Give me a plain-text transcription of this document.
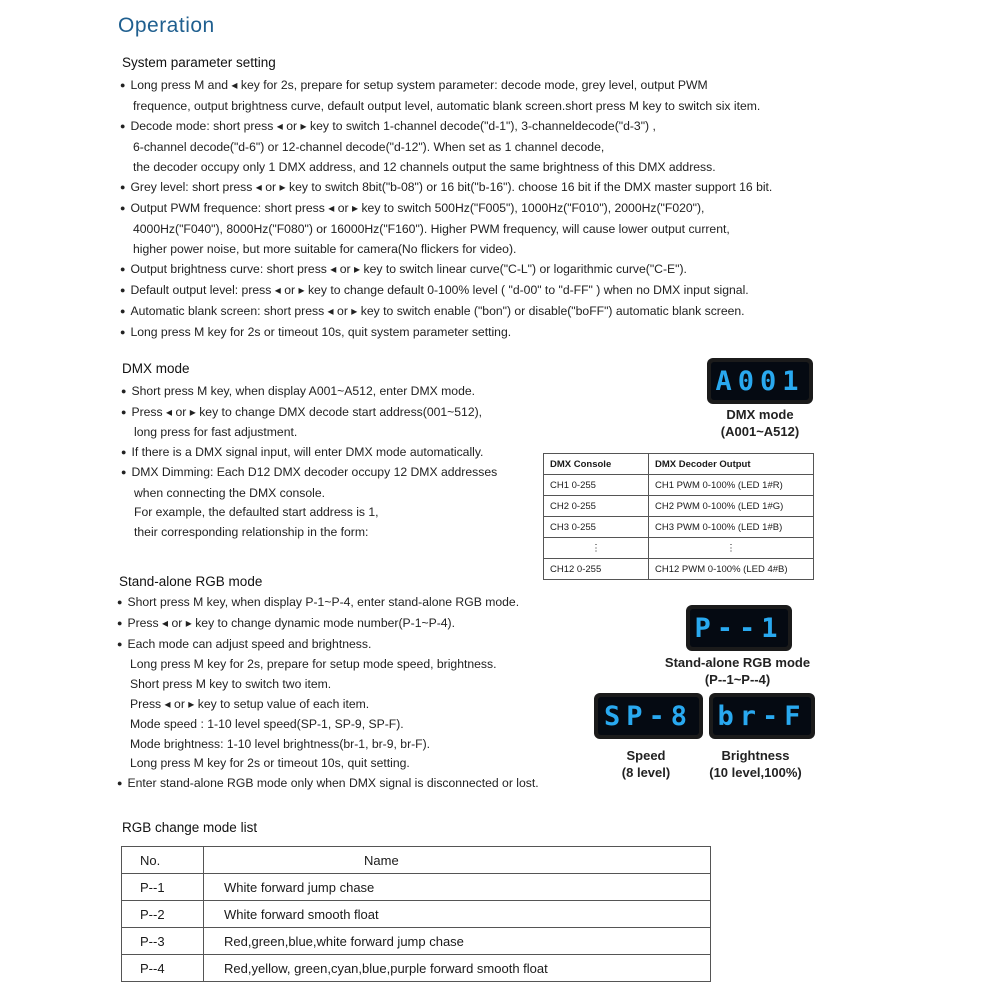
Operation
System parameter setting
● Long press M and ◂ key for 2s, prepare for setup system parameter: decode mode, grey level, output PWM
frequence, output brightness curve, default output level, automatic blank screen.short press M key to switch six item.
● Decode mode: short press ◂ or ▸ key to switch 1-channel decode("d-1"), 3-channeldecode("d-3") ,
6-channel decode("d-6") or 12-channel decode("d-12"). When set as 1 channel decode,
the decoder occupy only 1 DMX address, and 12 channels output the same brightness of this DMX address.
● Grey level: short press ◂ or ▸ key to switch 8bit("b-08") or 16 bit("b-16"). choose 16 bit if the DMX master support 16 bit.
● Output PWM frequence: short press ◂ or ▸ key to switch 500Hz("F005"), 1000Hz("F010"), 2000Hz("F020"),
4000Hz("F040"), 8000Hz("F080") or 16000Hz("F160"). Higher PWM frequency, will cause lower output current,
higher power noise, but more suitable for camera(No flickers for video).
● Output brightness curve: short press ◂ or ▸ key to switch linear curve("C-L") or logarithmic curve("C-E").
● Default output level: press ◂ or ▸ key to change default 0-100% level ( "d-00" to "d-FF" ) when no DMX input signal.
● Automatic blank screen: short press ◂ or ▸ key to switch enable ("bon") or disable("boFF") automatic blank screen.
● Long press M key for 2s or timeout 10s, quit system parameter setting.
DMX mode
● Short press M key, when display A001~A512, enter DMX mode.
● Press ◂ or ▸ key to change DMX decode start address(001~512),
long press for fast adjustment.
● If there is a DMX signal input, will enter DMX mode automatically.
● DMX Dimming: Each D12 DMX decoder occupy 12 DMX addresses
when connecting the DMX console.
For example, the defaulted start address is 1,
their corresponding relationship in the form:
A001
DMX mode
(A001~A512)
DMX Console	DMX Decoder Output
CH1 0-255	CH1 PWM 0-100% (LED 1#R)
CH2 0-255	CH2 PWM 0-100% (LED 1#G)
CH3 0-255	CH3 PWM 0-100% (LED 1#B)
⋮	⋮
CH12 0-255	CH12 PWM 0-100% (LED 4#B)
Stand-alone RGB mode
● Short press M key, when display P-1~P-4, enter stand-alone RGB mode.
● Press ◂ or ▸ key to change dynamic mode number(P-1~P-4).
● Each mode can adjust speed and brightness.
Long press M key for 2s, prepare for setup mode speed, brightness.
Short press M key to switch two item.
Press ◂ or ▸ key to setup value of each item.
Mode speed : 1-10 level speed(SP-1, SP-9, SP-F).
Mode brightness: 1-10 level brightness(br-1, br-9, br-F).
Long press M key for 2s or timeout 10s, quit setting.
● Enter stand-alone RGB mode only when DMX signal is disconnected or lost.
P--1
Stand-alone RGB mode
(P--1~P--4)
SP-8 br-F
Speed
(8 level)
Brightness
(10 level,100%)
RGB change mode list
No.	Name
P--1	White forward jump chase
P--2	White forward smooth float
P--3	Red,green,blue,white forward jump chase
P--4	Red,yellow, green,cyan,blue,purple forward smooth float
